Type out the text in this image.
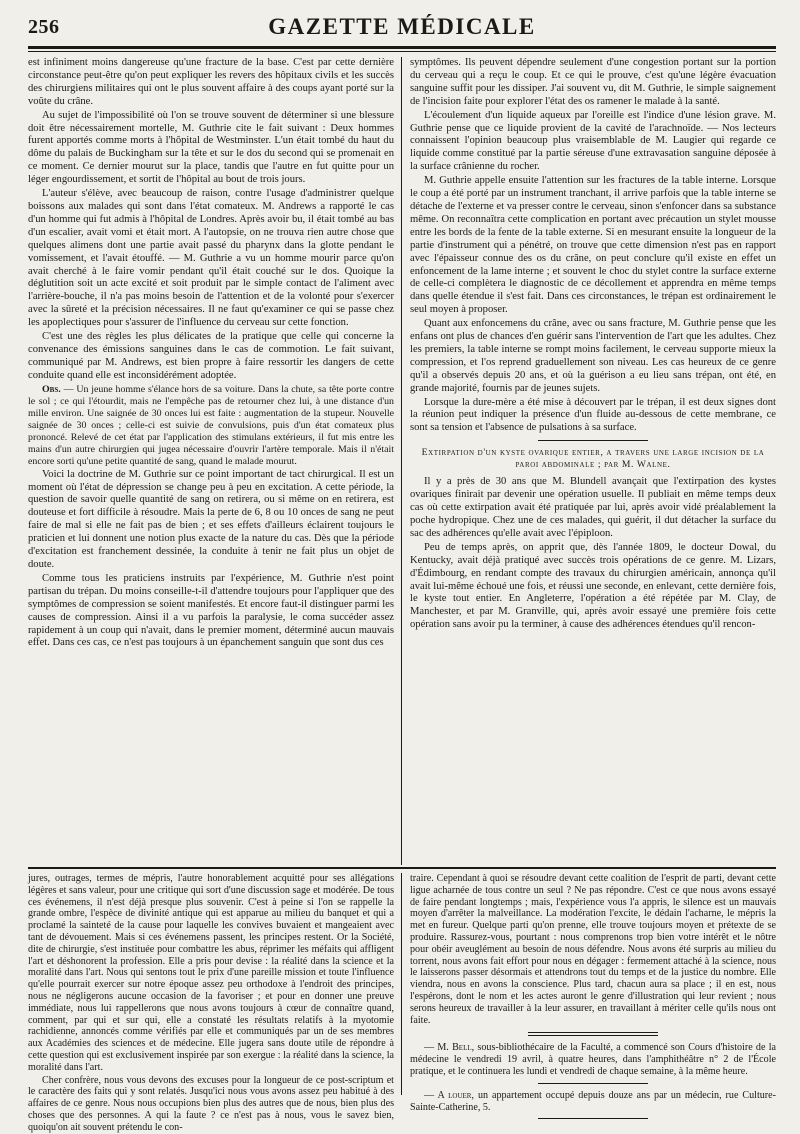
256	GAZETTE MÉDICALE

est infiniment moins dangereuse qu'une fracture de la base. C'est par cette dernière circonstance peut-être qu'on peut expliquer les revers des hôpitaux civils et les succès des chirurgiens militaires qui ont le plus souvent affaire à des coups ayant porté sur la voûte du crâne.

Au sujet de l'impossibilité où l'on se trouve souvent de déterminer si une blessure doit être nécessairement mortelle, M. Guthrie cite le fait suivant : Deux hommes furent apportés comme morts à l'hôpital de Westminster. L'un était tombé du haut du dôme du palais de Buckingham sur la tête et sur le dos du second qui se promenait en ce moment. Ce dernier mourut sur la place, tandis que l'autre en fut quitte pour un léger engourdissement, et sortit de l'hôpital au bout de trois jours.

L'auteur s'élève, avec beaucoup de raison, contre l'usage d'administrer quelque boissons aux malades qui sont dans l'état comateux. M. Andrews a rapporté le cas d'un homme qui fut admis à l'hôpital de Londres. Après avoir bu, il était tombé au bas d'un escalier, avait vomi et était mort. A l'autopsie, on ne trouva rien autre chose que quelques alimens dont une partie avait passé du pharynx dans la glotte pendant le vomissement, et l'avait étouffé. — M. Guthrie a vu un homme mourir parce qu'on avait cherché à le faire vomir pendant qu'il était couché sur le dos. Quoique la déglutition soit un acte excité et soit produit par le simple contact de l'aliment avec l'arrière-bouche, il n'a pas moins besoin de l'attention et de la volonté pour s'exercer avec la sûreté et la précision nécessaires. Il ne faut qu'examiner ce qui se passe chez les apoplectiques pour s'assurer de l'influence du cerveau sur cette fonction.

C'est une des règles les plus délicates de la pratique que celle qui concerne la convenance des émissions sanguines dans le cas de commotion. Le fait suivant, communiqué par M. Andrews, est bien propre à faire ressortir les dangers de cette conduite quand elle est inconsidérément adoptée.

Obs. — Un jeune homme s'élance hors de sa voiture. Dans la chute, sa tête porte contre le sol ; ce qui l'étourdit, mais ne l'empêche pas de retourner chez lui, à une distance d'un mille environ. Une saignée de 30 onces lui est faite : augmentation de la stupeur. Nouvelle saignée de 30 onces ; celle-ci est suivie de convulsions, puis d'un état comateux plus prononcé. Relevé de cet état par l'application des stimulans extérieurs, il fut mis entre les mains d'un autre chirurgien qui jugea nécessaire d'ouvrir l'artère temporale. Mais il n'était encore sorti qu'une petite quantité de sang, quand le malade mourut.

Voici la doctrine de M. Guthrie sur ce point important de tact chirurgical. Il est un moment où l'état de dépression se change peu à peu en excitation. A cette période, la question de savoir quelle quantité de sang on retirera, ou si même on en retirera, est douteuse et fort difficile à résoudre. Mais la perte de 6, 8 ou 10 onces de sang ne peut faire de mal si elle ne fait pas de bien ; et ses effets d'ailleurs éclairent toujours le praticien et lui donnent une notion plus exacte de la nature du cas. Dès que la période d'excitation est franchement dessinée, la conduite à tenir ne fait plus un objet de doute.

Comme tous les praticiens instruits par l'expérience, M. Guthrie n'est point partisan du trépan. Du moins conseille-t-il d'attendre toujours pour l'appliquer que des symptômes de compression se soient manifestés. Et encore faut-il distinguer parmi les causes de compression. Ainsi il a vu parfois la paralysie, le coma succéder assez rapidement à un coup qui n'avait, dans le premier moment, déterminé aucun mauvais effet. Dans ces cas, ce n'est pas toujours à un épanchement sanguin que sont dus ces

symptômes. Ils peuvent dépendre seulement d'une congestion portant sur la portion du cerveau qui a reçu le coup. Et ce qui le prouve, c'est qu'une légère évacuation sanguine suffit pour les dissiper. J'ai souvent vu, dit M. Guthrie, le simple saignement de l'incision faite pour explorer l'état des os ramener le malade à la santé.

L'écoulement d'un liquide aqueux par l'oreille est l'indice d'une lésion grave. M. Guthrie pense que ce liquide provient de la cavité de l'arachnoïde. — Nos lecteurs connaissent l'opinion beaucoup plus vraisemblable de M. Laugier qui regarde ce liquide comme constitué par la partie séreuse d'une extravasation sanguine déposée à la surface crânienne du rocher.

M. Guthrie appelle ensuite l'attention sur les fractures de la table interne. Lorsque le coup a été porté par un instrument tranchant, il arrive parfois que la table interne se détache de l'externe et va presser contre le cerveau, sinon s'enfoncer dans sa substance même. On reconnaîtra cette complication en portant avec précaution un stylet mousse entre les bords de la fente de la table externe. Si en mesurant ensuite la longueur de la partie d'instrument qui a pénétré, on trouve que cette dimension n'est pas en rapport avec l'épaisseur connue des os du crâne, on peut conclure qu'il existe en effet un enfoncement de la lame interne ; et souvent le choc du stylet contre la surface externe de celle-ci complètera le diagnostic de ce décollement et apprendra en même temps dans quelle étendue il s'est fait. Dans ces circonstances, le trépan est ordinairement le seul moyen à proposer.

Quant aux enfoncemens du crâne, avec ou sans fracture, M. Guthrie pense que les enfans ont plus de chances d'en guérir sans l'intervention de l'art que les adultes. Chez les premiers, la table interne se rompt moins facilement, le cerveau supporte mieux la compression, et l'os reprend graduellement son niveau. Les cas heureux de ce genre qu'il a observés depuis 20 ans, et où la guérison a eu lieu sans trépan, ont été, en grande majorité, fournis par de jeunes sujets.

Lorsque la dure-mère a été mise à découvert par le trépan, il est deux signes dont la réunion peut indiquer la présence d'un fluide au-dessous de cette membrane, ce sont sa tension et l'absence de pulsations à sa surface.

Extirpation d'un kyste ovarique entier, a travers une large incision de la paroi abdominale ; par M. Walne.

Il y a près de 30 ans que M. Blundell avançait que l'extirpation des kystes ovariques finirait par devenir une opération usuelle. Il publiait en même temps deux cas où cette extirpation avait été pratiquée par lui, après avoir vidé préalablement la poche hydropique. Chez une de ces malades, qui guérit, il dut détacher la surface du sac des adhérences qu'elle avait avec l'épiploon.

Peu de temps après, on apprit que, dès l'année 1809, le docteur Dowal, du Kentucky, avait déjà pratiqué avec succès trois opérations de ce genre. M. Lizars, d'Édimbourg, en rendant compte des travaux du chirurgien américain, annonça qu'il avait lui-même échoué une fois, et réussi une seconde, en enlevant, cette dernière fois, le kyste tout entier. En Angleterre, l'opération a été répétée par M. Clay, de Manchester, et par M. Granville, qui, après avoir essayé une première fois cette opération sans avoir pu la terminer, à cause des adhérences étendues qu'il rencon-

jures, outrages, termes de mépris, l'autre honorablement acquitté pour ses allégations légères et sans valeur, pour une critique qui sort d'une discussion sage et modérée. De tous ces événemens, il n'est déjà presque plus souvenir. C'est à peine si l'on se rappelle la grande ombre, l'espèce de divinité antique qui est apparue au milieu du banquet et qui a proclamé la sainteté de la cause pour laquelle les convives buvaient et mangeaient avec tant de dévouement. Mais si ces événemens passent, les principes restent. Or la Société, dite de chirurgie, s'est instituée pour combattre les abus, réprimer les méfaits qui affligent l'art et déshonorent la profession. Elle a pris pour devise : la réalité dans la science et la moralité dans l'art. Nous qui sentons tout le prix d'une pareille mission et toute l'influence qu'elle pourrait exercer sur notre époque assez peu orthodoxe à l'endroit des principes, nous ne négligerons aucune occasion de la favoriser ; et pour en donner une preuve immédiate, nous lui rappellerons que nous avons toujours à cœur de connaître quand, comment, par qui et sur qui, elle a constaté les résultats relatifs à la myotomie rachidienne, annoncés comme vérifiés par elle et communiqués par un de ses membres aux Académies des sciences et de médecine. Elle jugera sans doute utile de répondre à cette question qui est exclusivement inspirée par son exergue : la réalité dans la science, la moralité dans l'art.

Cher confrère, nous vous devons des excuses pour la longueur de ce post-scriptum et le caractère des faits qui y sont relatés. Jusqu'ici nous vous avons assez peu habitué à des affaires de ce genre. Nous nous occupions bien plus des autres que de nous, bien plus des choses que des personnes. A qui la faute ? ce n'est pas à nous, vous le savez bien, quoiqu'on ait souvent prétendu le con-

traire. Cependant à quoi se résoudre devant cette coalition de l'esprit de parti, devant cette ligue acharnée de tous contre un seul ? Ne pas répondre. C'est ce que nous avons essayé de faire pendant longtemps ; mais, l'expérience vous l'a appris, le silence est un mauvais moyen d'arrêter la malveillance. La modération l'excite, le dédain l'acharne, le mépris la met en fureur. Quelque parti qu'on prenne, elle trouve toujours moyen et prétexte de se produire. Rassurez-vous, pourtant : nous comprenons trop bien votre intérêt et le nôtre pour obéir aveuglément au besoin de nous défendre. Nous avons été surpris au milieu du torrent, nous avons fait effort pour nous en dégager : fermement attaché à la science, nous le laisserons passer désormais et attendrons tout du temps et de la justice du nombre. Elle viendra, nous en avons la conscience. Plus tard, chacun aura sa place ; il en est, nous l'espérons, dont le nom et les actes auront le genre d'illustration qui leur revient ; nous serons heureux de travailler à la leur assurer, en travaillant à mériter celle qu'ils nous ont faite.

— M. Bell, sous-bibliothécaire de la Faculté, a commencé son Cours d'histoire de la médecine le vendredi 19 avril, à quatre heures, dans l'amphithéâtre n° 2 de l'École pratique, et le continuera les lundi et vendredi de chaque semaine, à la même heure.

— A louer, un appartement occupé depuis douze ans par un médecin, rue Culture-Sainte-Catherine, 5.
